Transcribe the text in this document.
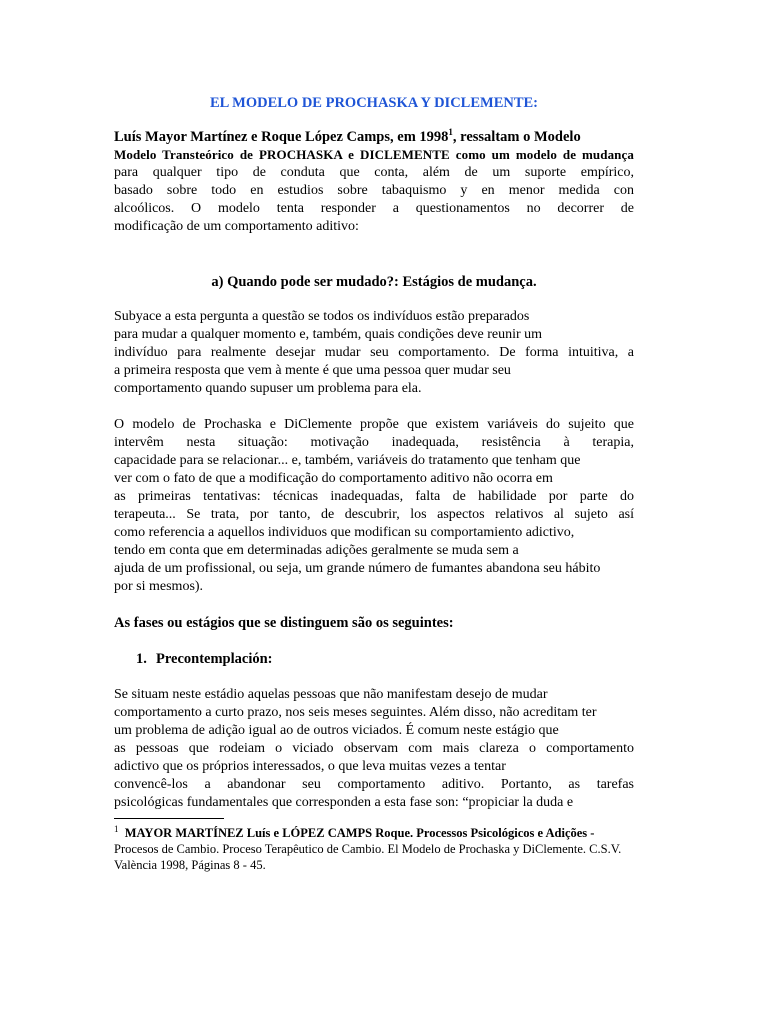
EL MODELO DE PROCHASKA Y DICLEMENTE:

Luís Mayor Martínez e Roque López Camps, em 1998$^1$, ressaltam o Modelo
Modelo Transteórico de PROCHASKA e DICLEMENTE como um modelo de mudança
para qualquer tipo de conduta que conta, além de um suporte empírico,
basado sobre todo en estudios sobre tabaquismo y en menor medida con
alcoólicos. O modelo tenta responder a questionamentos no decorrer de
modificação de um comportamento aditivo:

a) Quando pode ser mudado?: Estágios de mudança.

Subyace a esta pergunta a questão se todos os indivíduos estão preparados
para mudar a qualquer momento e, também, quais condições deve reunir um
indivíduo para realmente desejar mudar seu comportamento. De forma intuitiva, a
a primeira resposta que vem à mente é que uma pessoa quer mudar seu
comportamento quando supuser um problema para ela.
O modelo de Prochaska e DiClemente propõe que existem variáveis do sujeito que
intervêm nesta situação: motivação inadequada, resistência à terapia,
capacidade para se relacionar... e, também, variáveis do tratamento que tenham que
ver com o fato de que a modificação do comportamento aditivo não ocorra em
as primeiras tentativas: técnicas inadequadas, falta de habilidade por parte do
terapeuta... Se trata, por tanto, de descubrir, los aspectos relativos al sujeto así
como referencia a aquellos individuos que modifican su comportamiento adictivo,
tendo em conta que em determinadas adições geralmente se muda sem a
ajuda de um profissional, ou seja, um grande número de fumantes abandona seu hábito
por si mesmos).

As fases ou estágios que se distinguem são os seguintes:

1. Precontemplación:

Se situam neste estádio aquelas pessoas que não manifestam desejo de mudar
comportamento a curto prazo, nos seis meses seguintes. Além disso, não acreditam ter
um problema de adição igual ao de outros viciados. É comum neste estágio que
as pessoas que rodeiam o viciado observam com mais clareza o comportamento
adictivo que os próprios interessados, o que leva muitas vezes a tentar
convencê-los a abandonar seu comportamento aditivo. Portanto, as tarefas
psicológicas fundamentales que corresponden a esta fase son: “propiciar la duda e
$^1$ MAYOR MARTÍNEZ Luís e LÓPEZ CAMPS Roque. Processos Psicológicos e Adições -
Procesos de Cambio. Proceso Terapêutico de Cambio. El Modelo de Prochaska y DiClemente. C.S.V.
València 1998, Páginas 8 - 45.
